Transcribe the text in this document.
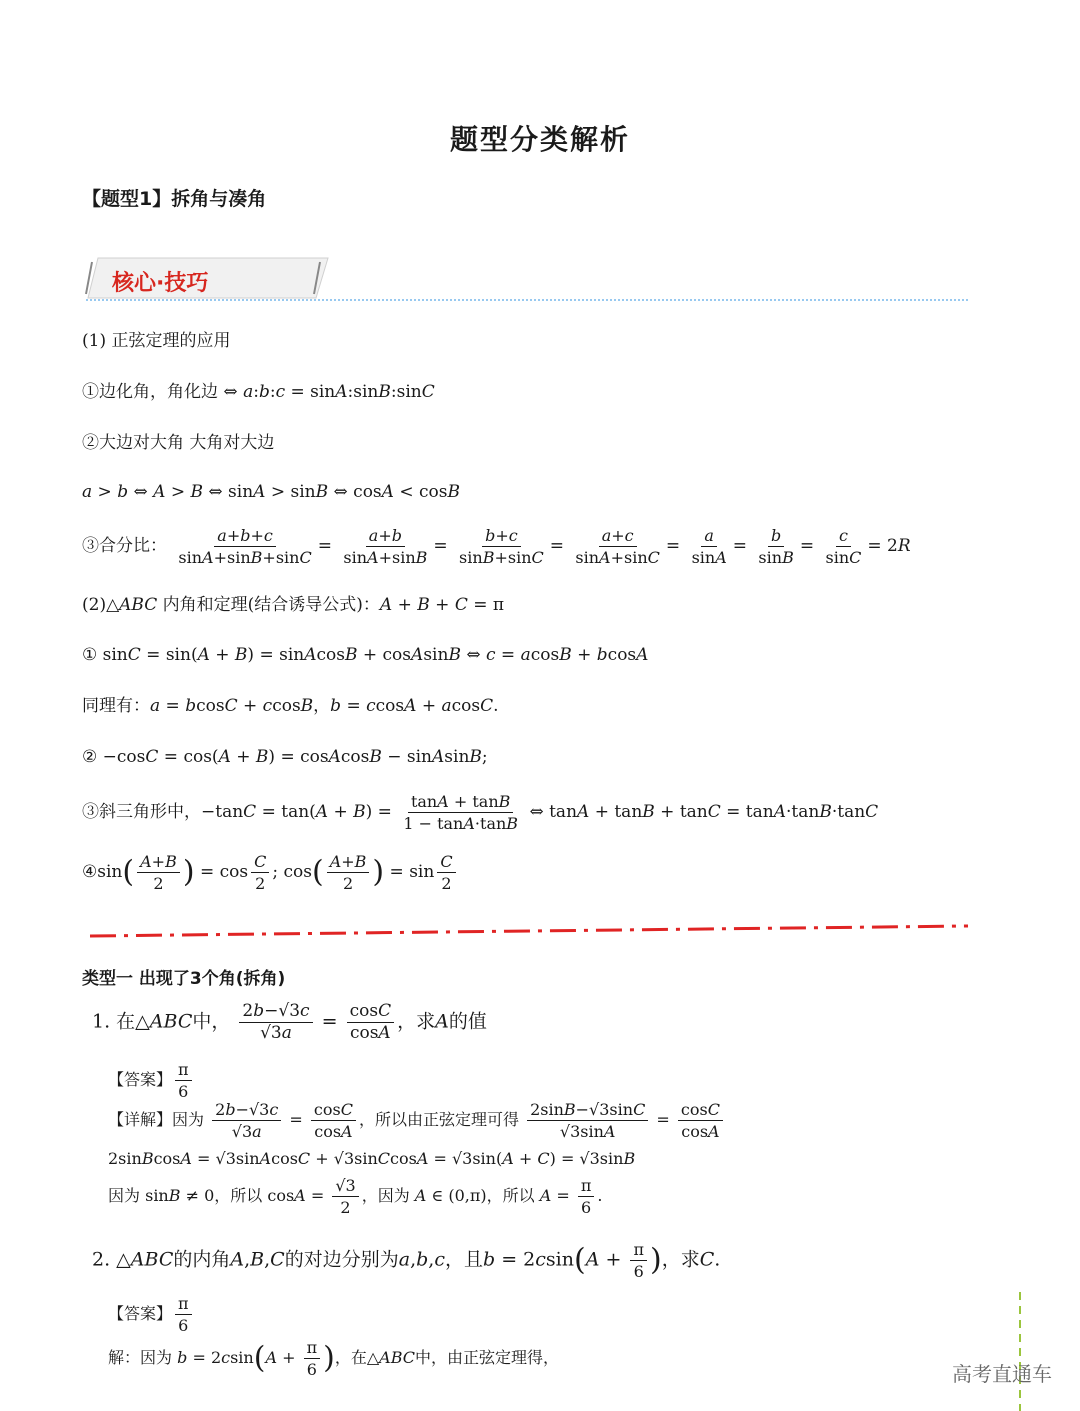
题型分类解析
【题型1】拆角与凑角
核心·技巧
(1) 正弦定理的应用
①边化角，角化边 ⇔ a:b:c = sinA:sinB:sinC
②大边对大角 大角对大边
a > b ⇔ A > B ⇔ sinA > sinB ⇔ cosA < cosB
③合分比： $\frac{a+b+c}{\sin A+\sin B+\sin C} = \frac{a+b}{\sin A+\sin B} = \frac{b+c}{\sin B+\sin C} = \frac{a+c}{\sin A+\sin C} = \frac{a}{\sin A} = \frac{b}{\sin B} = \frac{c}{\sin C} = 2R$
(2)△ABC 内角和定理(结合诱导公式)：A + B + C = π
① sinC = sin(A + B) = sinAcosB + cosAsinB ⇔ c = acosB + bcosA
同理有：a = bcosC + ccosB，b = ccosA + acosC.
② −cosC = cos(A + B) = cosAcosB − sinAsinB;
③斜三角形中，$-\tan C = \tan(A + B) = \frac{\tan A + \tan B}{1 - \tan A\cdot\tan B}$ ⇔ tanA + tanB + tanC = tanA·tanB·tanC
④sin( $\frac{A+B}{2}$ ) = $\cos \frac{C}{2}$ ; $\cos( \frac{A+B}{2}$ ) = $\sin \frac{C}{2}$
类型一 出现了3个角(拆角)
1. 在△ABC中， $\frac{2b-√3c}{√3a} = \frac{\cos C}{\cos A}$ ，求A的值
【答案】 $\frac{\pi}{6}$
【详解】因为 $\frac{2b-√3c}{√3a} = \frac{\cos C}{\cos A}$ ，所以由正弦定理可得 $\frac{2\sin B-√3\sin C}{√3\sin A} = \frac{\cos C}{\cos A}$
2sinBcosA = √3sinAcosC + √3sinCcosA = √3sin(A + C) = √3sinB
因为 sinB ≠ 0，所以 $\cos A = \frac{√3}{2}$ ，因为 A ∈ (0,π)，所以 $A = \frac{\pi}{6}$ .
2. △ABC的内角A,B,C的对边分别为a,b,c，且$b = 2csin(A + \frac{\pi}{6}$ )，求C.
【答案】 $\frac{\pi}{6}$
解：因为 $b = 2csin(A + \frac{\pi}{6}$ )，在△ABC中，由正弦定理得，
高考直通车
